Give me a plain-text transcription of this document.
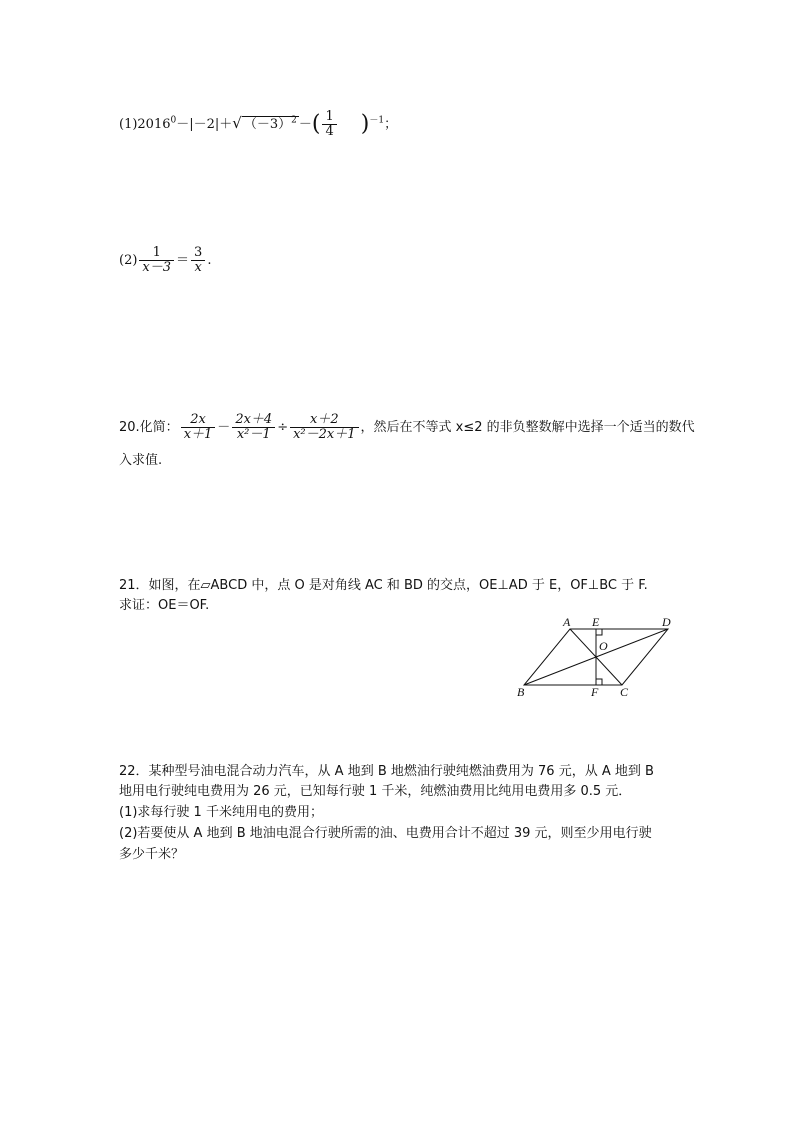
$(1)2016^0-|-2|+√$ $(-3)^2$ －( $\frac{1}{4} )^{-1}$；
$(2) \frac{1}{x-3} = \frac{3}{x}$ .
20.化简： $\frac{2x}{x+1} - \frac{2x+4}{\text{x²－1}} \div \frac{x+2}{\text{x²－2x＋1}}$ ，然后在不等式 x≤2 的非负整数解中选择一个适当的数代
入求值.
21．如图，在▱ABCD 中，点 O 是对角线 AC 和 BD 的交点，OE⊥AD 于 E，OF⊥BC 于 F.
求证：OE＝OF.
A E	D
O
B	F C
22．某种型号油电混合动力汽车，从 A 地到 B 地燃油行驶纯燃油费用为 76 元，从 A 地到 B
地用电行驶纯电费用为 26 元，已知每行驶 1 千米，纯燃油费用比纯用电费用多 0.5 元．
(1)求每行驶 1 千米纯用电的费用；
(2)若要使从 A 地到 B 地油电混合行驶所需的油、电费用合计不超过 39 元，则至少用电行驶
多少千米？
